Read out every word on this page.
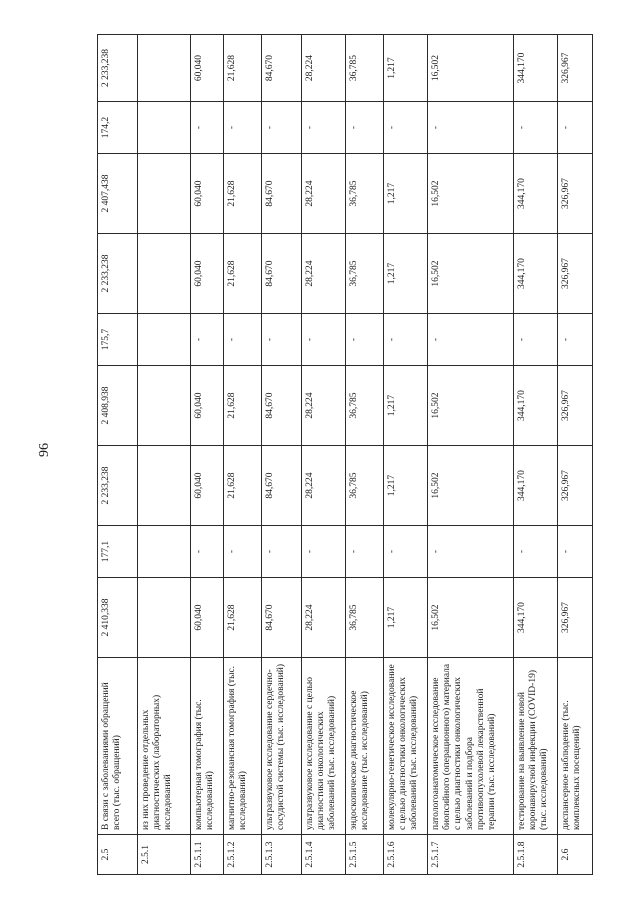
96
2.5	В связи с заболеваниями обращений всего (тыс. обращений)	2 410,338	177,1	2 233,238	2 408,938	175,7	2 233,238	2 407,438	174,2	2 233,238
2.5.1	из них проведение отдельных диагностических (лабораторных) исследований									
2.5.1.1	компьютерная томография (тыс. исследований)	60,040	-	60,040	60,040	-	60,040	60,040	-	60,040
2.5.1.2	магнитно-резонансная томография (тыс. исследований)	21,628	-	21,628	21,628	-	21,628	21,628	-	21,628
2.5.1.3	ультразвуковое исследование сердечно-сосудистой системы (тыс. исследований)	84,670	-	84,670	84,670	-	84,670	84,670	-	84,670
2.5.1.4	ультразвуковое исследование с целью диагностики онкологических заболеваний (тыс. исследований)	28,224	-	28,224	28,224	-	28,224	28,224	-	28,224
2.5.1.5	эндоскопическое диагностическое исследование (тыс. исследований)	36,785	-	36,785	36,785	-	36,785	36,785	-	36,785
2.5.1.6	молекулярно-генетическое исследование с целью диагностики онкологических заболеваний (тыс. исследований)	1,217	-	1,217	1,217	-	1,217	1,217	-	1,217
2.5.1.7	патологоанатомическое исследование биопсийного (операционного) материала с целью диагностики онкологических заболеваний и подбора противоопухолевой лекарственной терапии (тыс. исследований)	16,502	-	16,502	16,502	-	16,502	16,502	-	16,502
2.5.1.8	тестирование на выявление новой коронавирусной инфекции (COVID-19) (тыс. исследований)	344,170	-	344,170	344,170	-	344,170	344,170	-	344,170
2.6	диспансерное наблюдение (тыс. комплексных посещений)	326,967	-	326,967	326,967	-	326,967	326,967	-	326,967
